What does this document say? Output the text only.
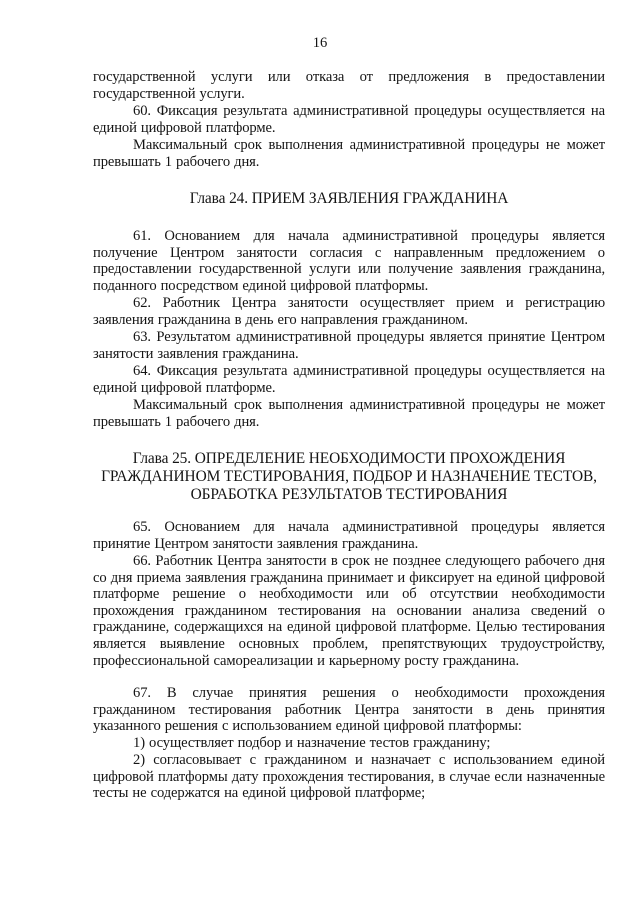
16

государственной услуги или отказа от предложения в предоставлении государственной услуги.

60. Фиксация результата административной процедуры осуществляется на единой цифровой платформе.

Максимальный срок выполнения административной процедуры не может превышать 1 рабочего дня.

Глава 24. ПРИЕМ ЗАЯВЛЕНИЯ ГРАЖДАНИНА

61. Основанием для начала административной процедуры является получение Центром занятости согласия с направленным предложением о предоставлении государственной услуги или получение заявления гражданина, поданного посредством единой цифровой платформы.

62. Работник Центра занятости осуществляет прием и регистрацию заявления гражданина в день его направления гражданином.

63. Результатом административной процедуры является принятие Центром занятости заявления гражданина.

64. Фиксация результата административной процедуры осуществляется на единой цифровой платформе.

Максимальный срок выполнения административной процедуры не может превышать 1 рабочего дня.

Глава 25. ОПРЕДЕЛЕНИЕ НЕОБХОДИМОСТИ ПРОХОЖДЕНИЯ ГРАЖДАНИНОМ ТЕСТИРОВАНИЯ, ПОДБОР И НАЗНАЧЕНИЕ ТЕСТОВ, ОБРАБОТКА РЕЗУЛЬТАТОВ ТЕСТИРОВАНИЯ

65. Основанием для начала административной процедуры является принятие Центром занятости заявления гражданина.

66. Работник Центра занятости в срок не позднее следующего рабочего дня со дня приема заявления гражданина принимает и фиксирует на единой цифровой платформе решение о необходимости или об отсутствии необходимости прохождения гражданином тестирования на основании анализа сведений о гражданине, содержащихся на единой цифровой платформе. Целью тестирования является выявление основных проблем, препятствующих трудоустройству, профессиональной самореализации и карьерному росту гражданина.

67. В случае принятия решения о необходимости прохождения гражданином тестирования работник Центра занятости в день принятия указанного решения с использованием единой цифровой платформы:

1) осуществляет подбор и назначение тестов гражданину;

2) согласовывает с гражданином и назначает с использованием единой цифровой платформы дату прохождения тестирования, в случае если назначенные тесты не содержатся на единой цифровой платформе;
